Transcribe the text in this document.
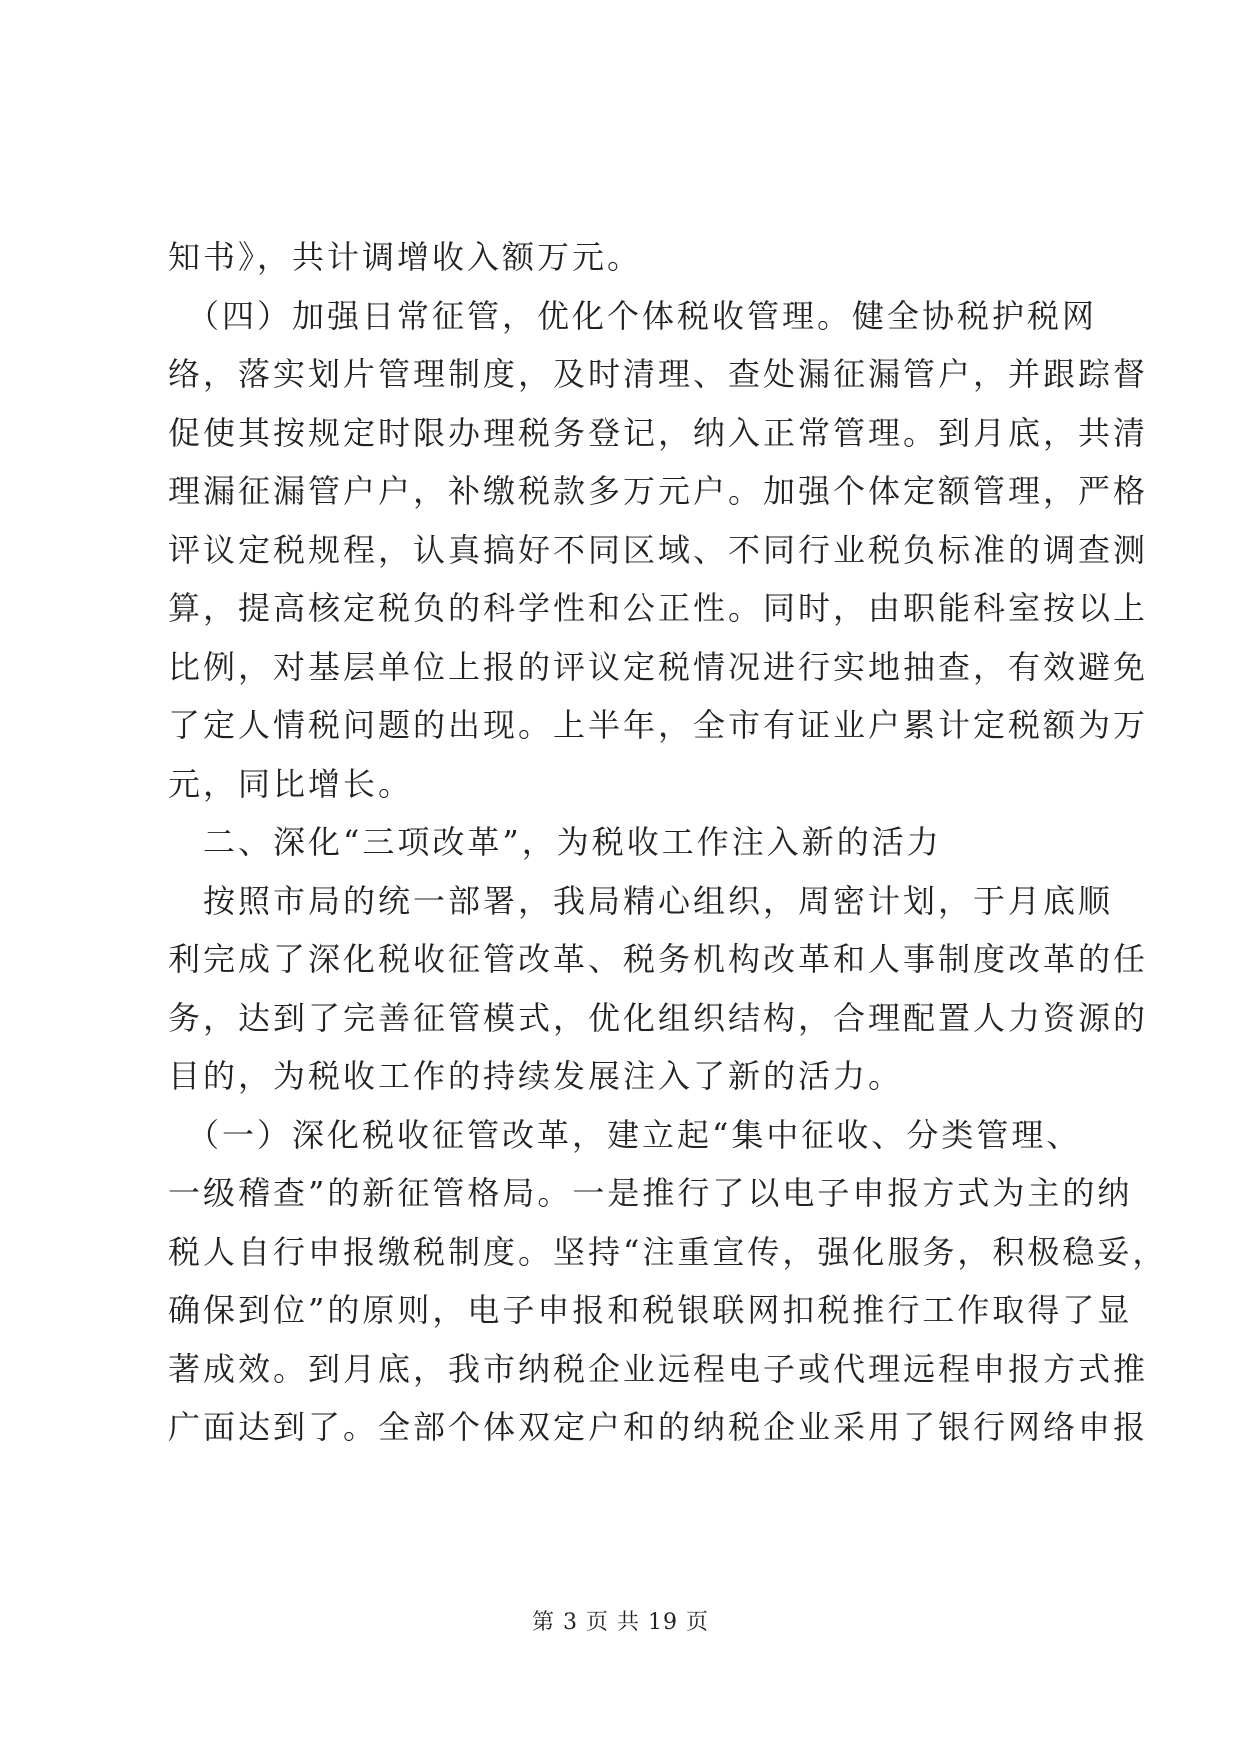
知书》，共计调增收入额万元。
　（四）加强日常征管，优化个体税收管理。健全协税护税网
络，落实划片管理制度，及时清理、查处漏征漏管户，并跟踪督
促使其按规定时限办理税务登记，纳入正常管理。到月底，共清
理漏征漏管户户，补缴税款多万元户。加强个体定额管理，严格
评议定税规程，认真搞好不同区域、不同行业税负标准的调查测
算，提高核定税负的科学性和公正性。同时，由职能科室按以上
比例，对基层单位上报的评议定税情况进行实地抽查，有效避免
了定人情税问题的出现。上半年，全市有证业户累计定税额为万
元，同比增长。
　二、深化“三项改革”，为税收工作注入新的活力
　按照市局的统一部署，我局精心组织，周密计划，于月底顺
利完成了深化税收征管改革、税务机构改革和人事制度改革的任
务，达到了完善征管模式，优化组织结构，合理配置人力资源的
目的，为税收工作的持续发展注入了新的活力。
　（一）深化税收征管改革，建立起“集中征收、分类管理、
一级稽查”的新征管格局。一是推行了以电子申报方式为主的纳
税人自行申报缴税制度。坚持“注重宣传，强化服务，积极稳妥，
确保到位”的原则，电子申报和税银联网扣税推行工作取得了显
著成效。到月底，我市纳税企业远程电子或代理远程申报方式推
广面达到了。全部个体双定户和的纳税企业采用了银行网络申报
第 3 页 共 19 页
